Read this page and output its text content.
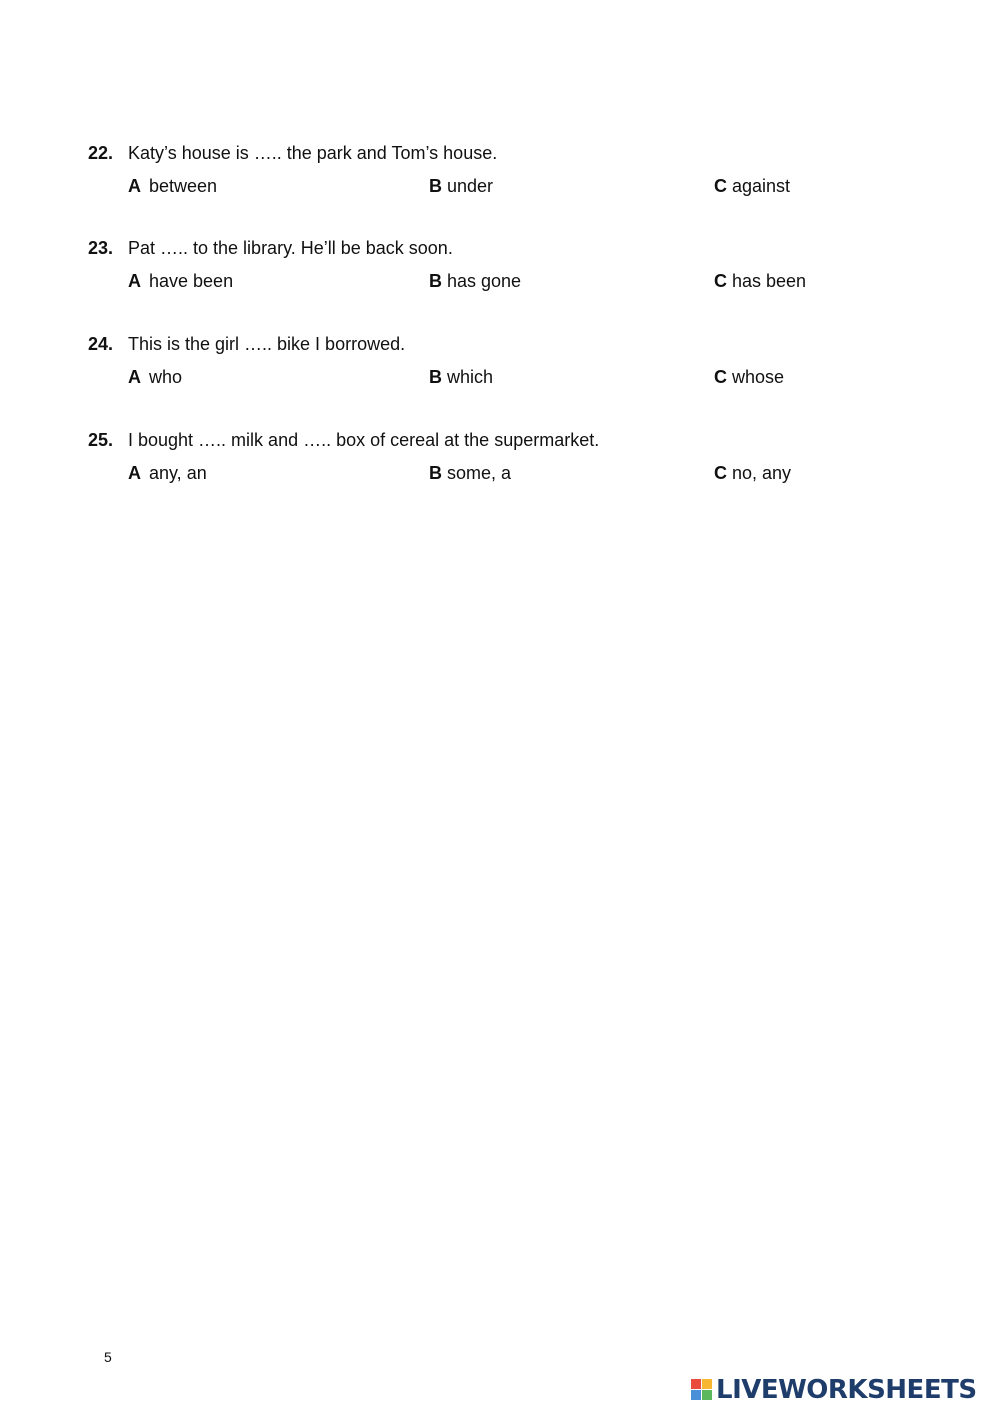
22. Katy’s house is ….. the park and Tom’s house.
A between	B under	C against
23. Pat ….. to the library. He’ll be back soon.
A have been	B has gone	C has been
24. This is the girl ….. bike I borrowed.
A who	B which	C whose
25. I bought ….. milk and ….. box of cereal at the supermarket.
A any, an	B some, a	C no, any
5
LIVEWORKSHEETS
